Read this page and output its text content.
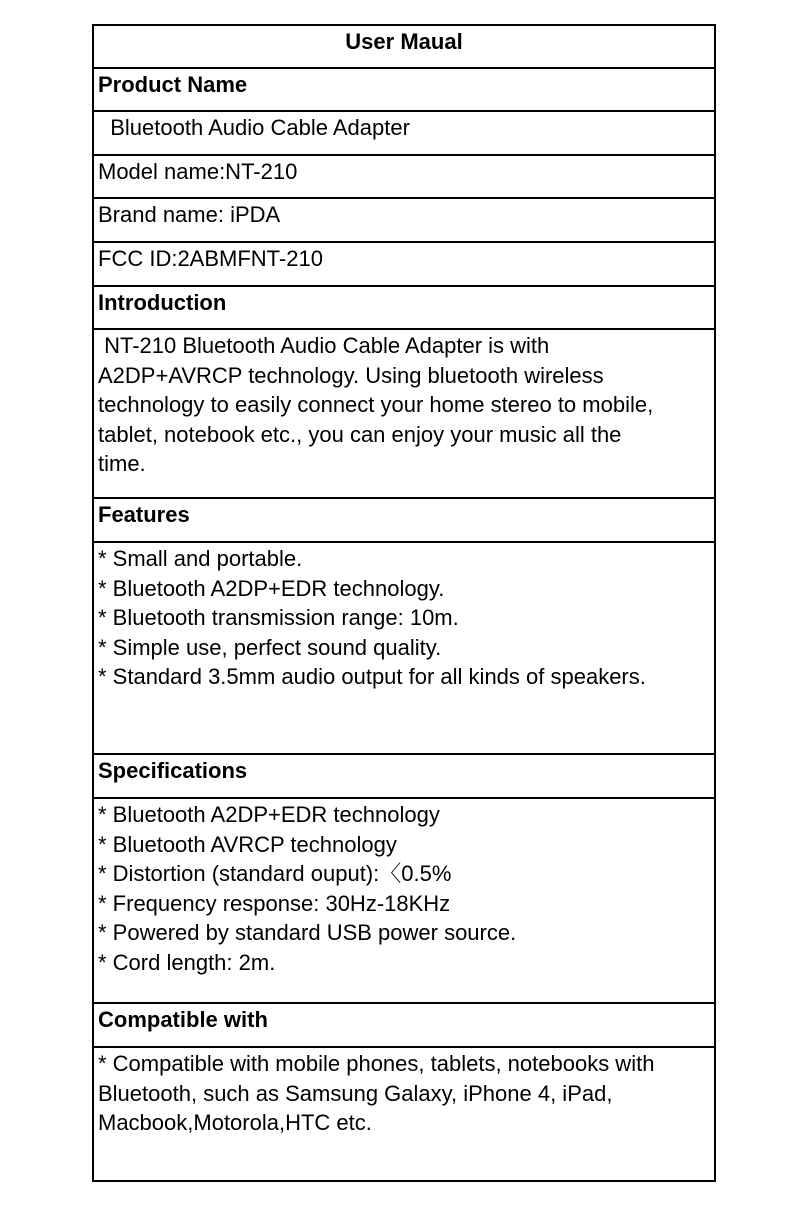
User Maual
Product Name
Bluetooth Audio Cable Adapter
Model name:NT-210
Brand name: iPDA
FCC ID:2ABMFNT-210
Introduction
NT-210 Bluetooth Audio Cable Adapter is with
A2DP+AVRCP technology. Using bluetooth wireless
technology to easily connect your home stereo to mobile,
tablet, notebook etc., you can enjoy your music all the
time.
Features
* Small and portable.
* Bluetooth A2DP+EDR technology.
* Bluetooth transmission range: 10m.
* Simple use, perfect sound quality.
* Standard 3.5mm audio output for all kinds of speakers.
Specifications
* Bluetooth A2DP+EDR technology
* Bluetooth AVRCP technology
* Distortion (standard ouput):〈0.5%
* Frequency response: 30Hz-18KHz
* Powered by standard USB power source.
* Cord length: 2m.
Compatible with
* Compatible with mobile phones, tablets, notebooks with
Bluetooth, such as Samsung Galaxy, iPhone 4, iPad,
Macbook,Motorola,HTC etc.
